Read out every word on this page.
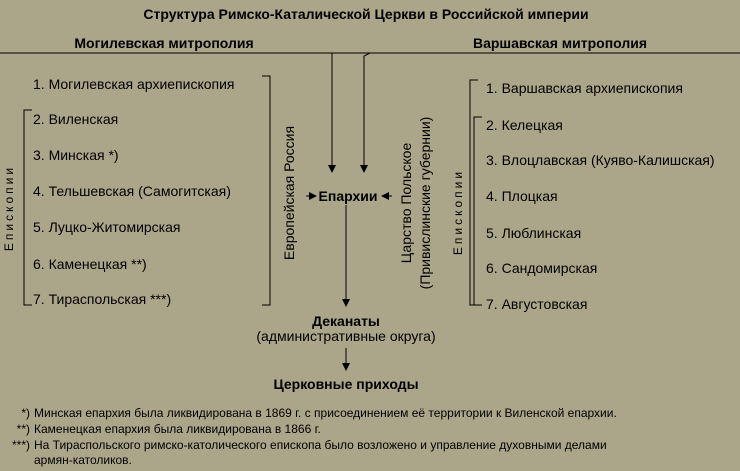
Структура Римско-Каталической Церкви в Российской империи
Могилевская митрополия	Варшавская митрополия
1. Могилевская архиепископия
2. Виленская
3. Минская *)
4. Тельшевская (Самогитская)
5. Луцко-Житомирская
6. Каменецкая **)
7. Тираспольская ***)
Епископии	Европейская Россия Епархии
Деканаты
(административные округа)
Церковные приходы
Царство Польское (Привислинские губернии) Епископии
1. Варшавская архиепископия
2. Келецкая
3. Влоцлавская (Куяво-Калишская)
4. Плоцкая
5. Люблинская
6. Сандомирская
7. Августовская
*) Минская епархия была ликвидирована в 1869 г. с присоединением её территории к Виленской епархии.
**) Каменецкая епархия была ликвидирована в 1866 г.
***) На Тираспольского римско-католического епископа было возложено и управление духовными делами
армян-католиков.
